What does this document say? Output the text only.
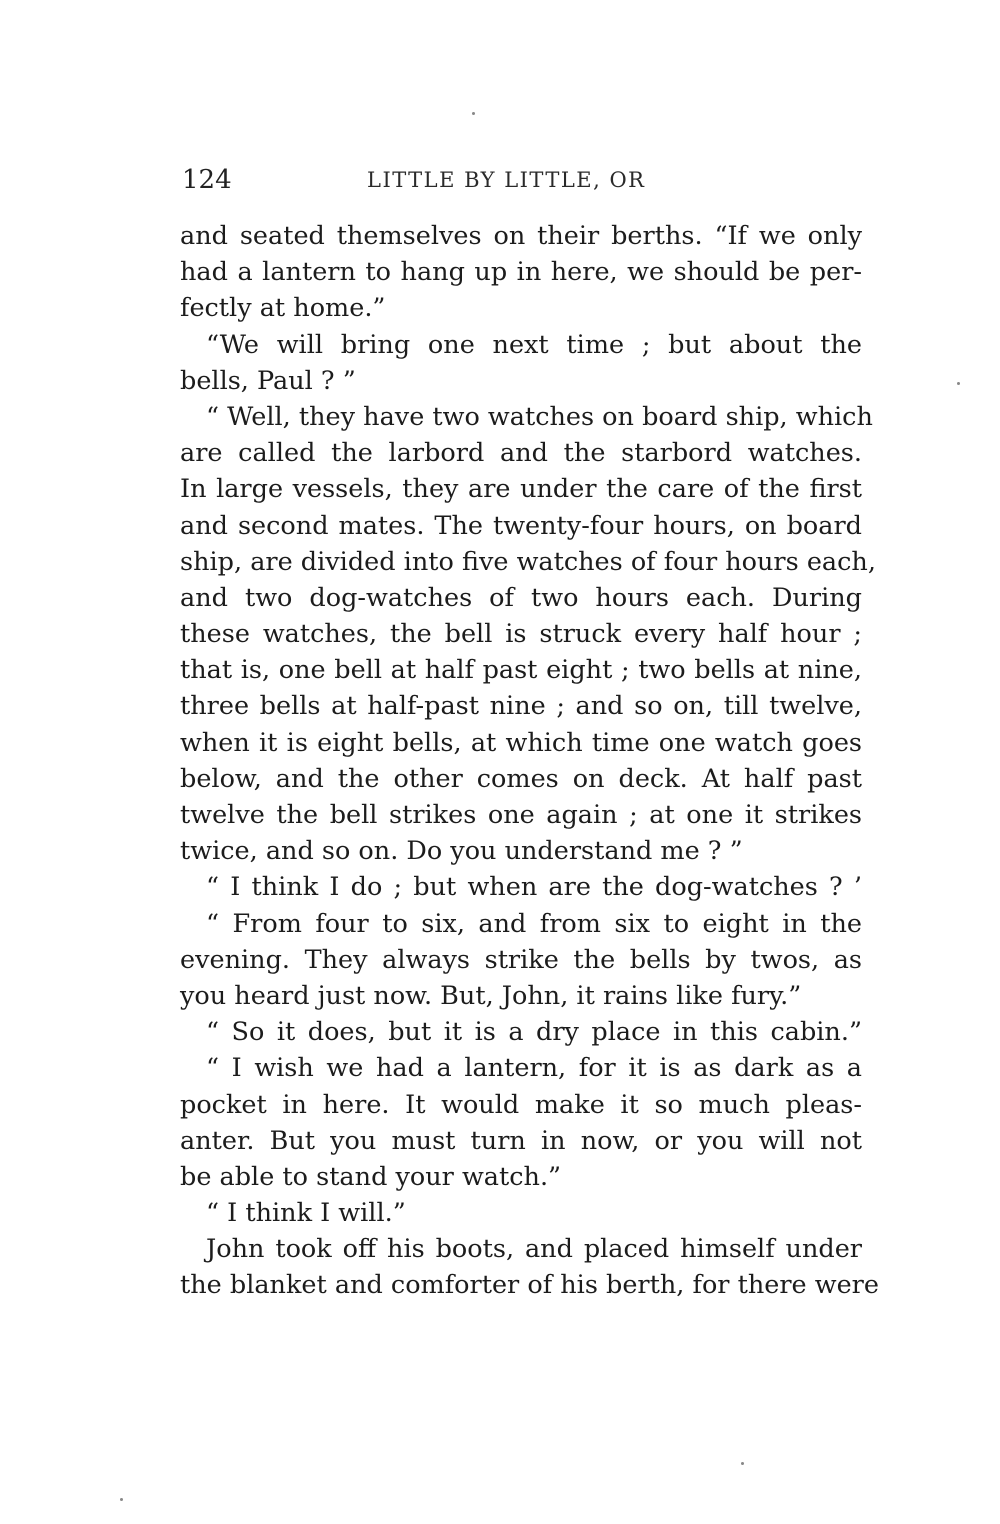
124	LITTLE BY LITTLE, OR
and seated themselves on their berths. “If we only
had a lantern to hang up in here, we should be per-
fectly at home.”
“We will bring one next time ; but about the
bells, Paul ? ”
“ Well, they have two watches on board ship, which
are called the larbord and the starbord watches.
In large vessels, they are under the care of the first
and second mates. The twenty-four hours, on board
ship, are divided into five watches of four hours each,
and two dog-watches of two hours each. During
these watches, the bell is struck every half hour ;
that is, one bell at half past eight ; two bells at nine,
three bells at half-past nine ; and so on, till twelve,
when it is eight bells, at which time one watch goes
below, and the other comes on deck. At half past
twelve the bell strikes one again ; at one it strikes
twice, and so on. Do you understand me ? ”
“ I think I do ; but when are the dog-watches ? ’
“ From four to six, and from six to eight in the
evening. They always strike the bells by twos, as
you heard just now. But, John, it rains like fury.”
“ So it does, but it is a dry place in this cabin.”
“ I wish we had a lantern, for it is as dark as a
pocket in here. It would make it so much pleas-
anter. But you must turn in now, or you will not
be able to stand your watch.”
“ I think I will.”
John took off his boots, and placed himself under
the blanket and comforter of his berth, for there were
